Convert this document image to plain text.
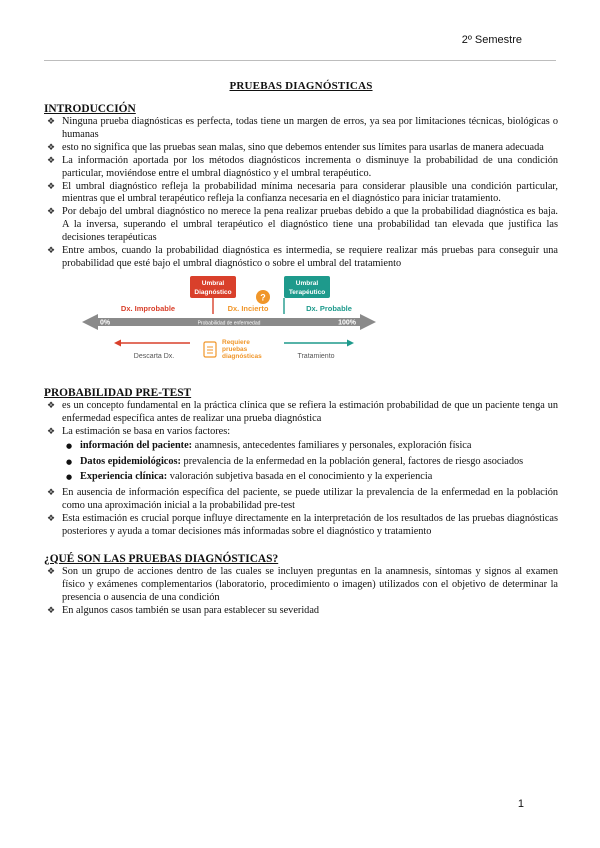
2º Semestre
PRUEBAS DIAGNÓSTICAS
INTRODUCCIÓN
❖ Ninguna prueba diagnósticas es perfecta, todas tiene un margen de erros, ya sea por limitaciones técnicas, biológicas o humanas
❖ esto no significa que las pruebas sean malas, sino que debemos entender sus límites para usarlas de manera adecuada
❖ La información aportada por los métodos diagnósticos incrementa o disminuye la probabilidad de una condición particular, moviéndose entre el umbral diagnóstico y el umbral terapéutico.
❖ El umbral diagnóstico refleja la probabilidad mínima necesaria para considerar plausible una condición particular, mientras que el umbral terapéutico refleja la confianza necesaria en el diagnóstico para iniciar tratamiento.
❖ Por debajo del umbral diagnóstico no merece la pena realizar pruebas debido a que la probabilidad diagnóstica es baja. A la inversa, superando el umbral terapéutico el diagnóstico tiene una probabilidad tan elevada que justifica las decisiones terapéuticas
❖ Entre ambos, cuando la probabilidad diagnóstica es intermedia, se requiere realizar más pruebas para conseguir una probabilidad que esté bajo el umbral diagnóstico o sobre el umbral del tratamiento
Umbral
Diagnóstico	?
Umbral
Terapéutico
Dx. Improbable	Dx. Incierto	Dx. Probable
0%	100%
Probabilidad de enfermedad
Descarta Dx.
Requiere
pruebas
diagnósticas	Tratamiento
PROBABILIDAD PRE-TEST
❖ es un concepto fundamental en la práctica clínica que se refiera la estimación probabilidad de que un paciente tenga un enfermedad específica antes de realizar una prueba diagnóstica
❖ La estimación se basa en varios factores:
● información del paciente: anamnesis, antecedentes familiares y personales, exploración física
● Datos epidemiológicos: prevalencia de la enfermedad en la población general, factores de riesgo asociados
● Experiencia clínica: valoración subjetiva basada en el conocimiento y la experiencia
❖ En ausencia de información específica del paciente, se puede utilizar la prevalencia de la enfermedad en la población como una aproximación inicial a la probabilidad pre-test
❖ Esta estimación es crucial porque influye directamente en la interpretación de los resultados de las pruebas diagnósticas posteriores y ayuda a tomar decisiones más informadas sobre el diagnóstico y tratamiento
¿QUÉ SON LAS PRUEBAS DIAGNÓSTICAS?
❖ Son un grupo de acciones dentro de las cuales se incluyen preguntas en la anamnesis, síntomas y signos al examen físico y exámenes complementarios (laboratorio, procedimiento o imagen) utilizados con el objetivo de determinar la presencia o ausencia de una condición
❖ En algunos casos también se usan para establecer su severidad
1
